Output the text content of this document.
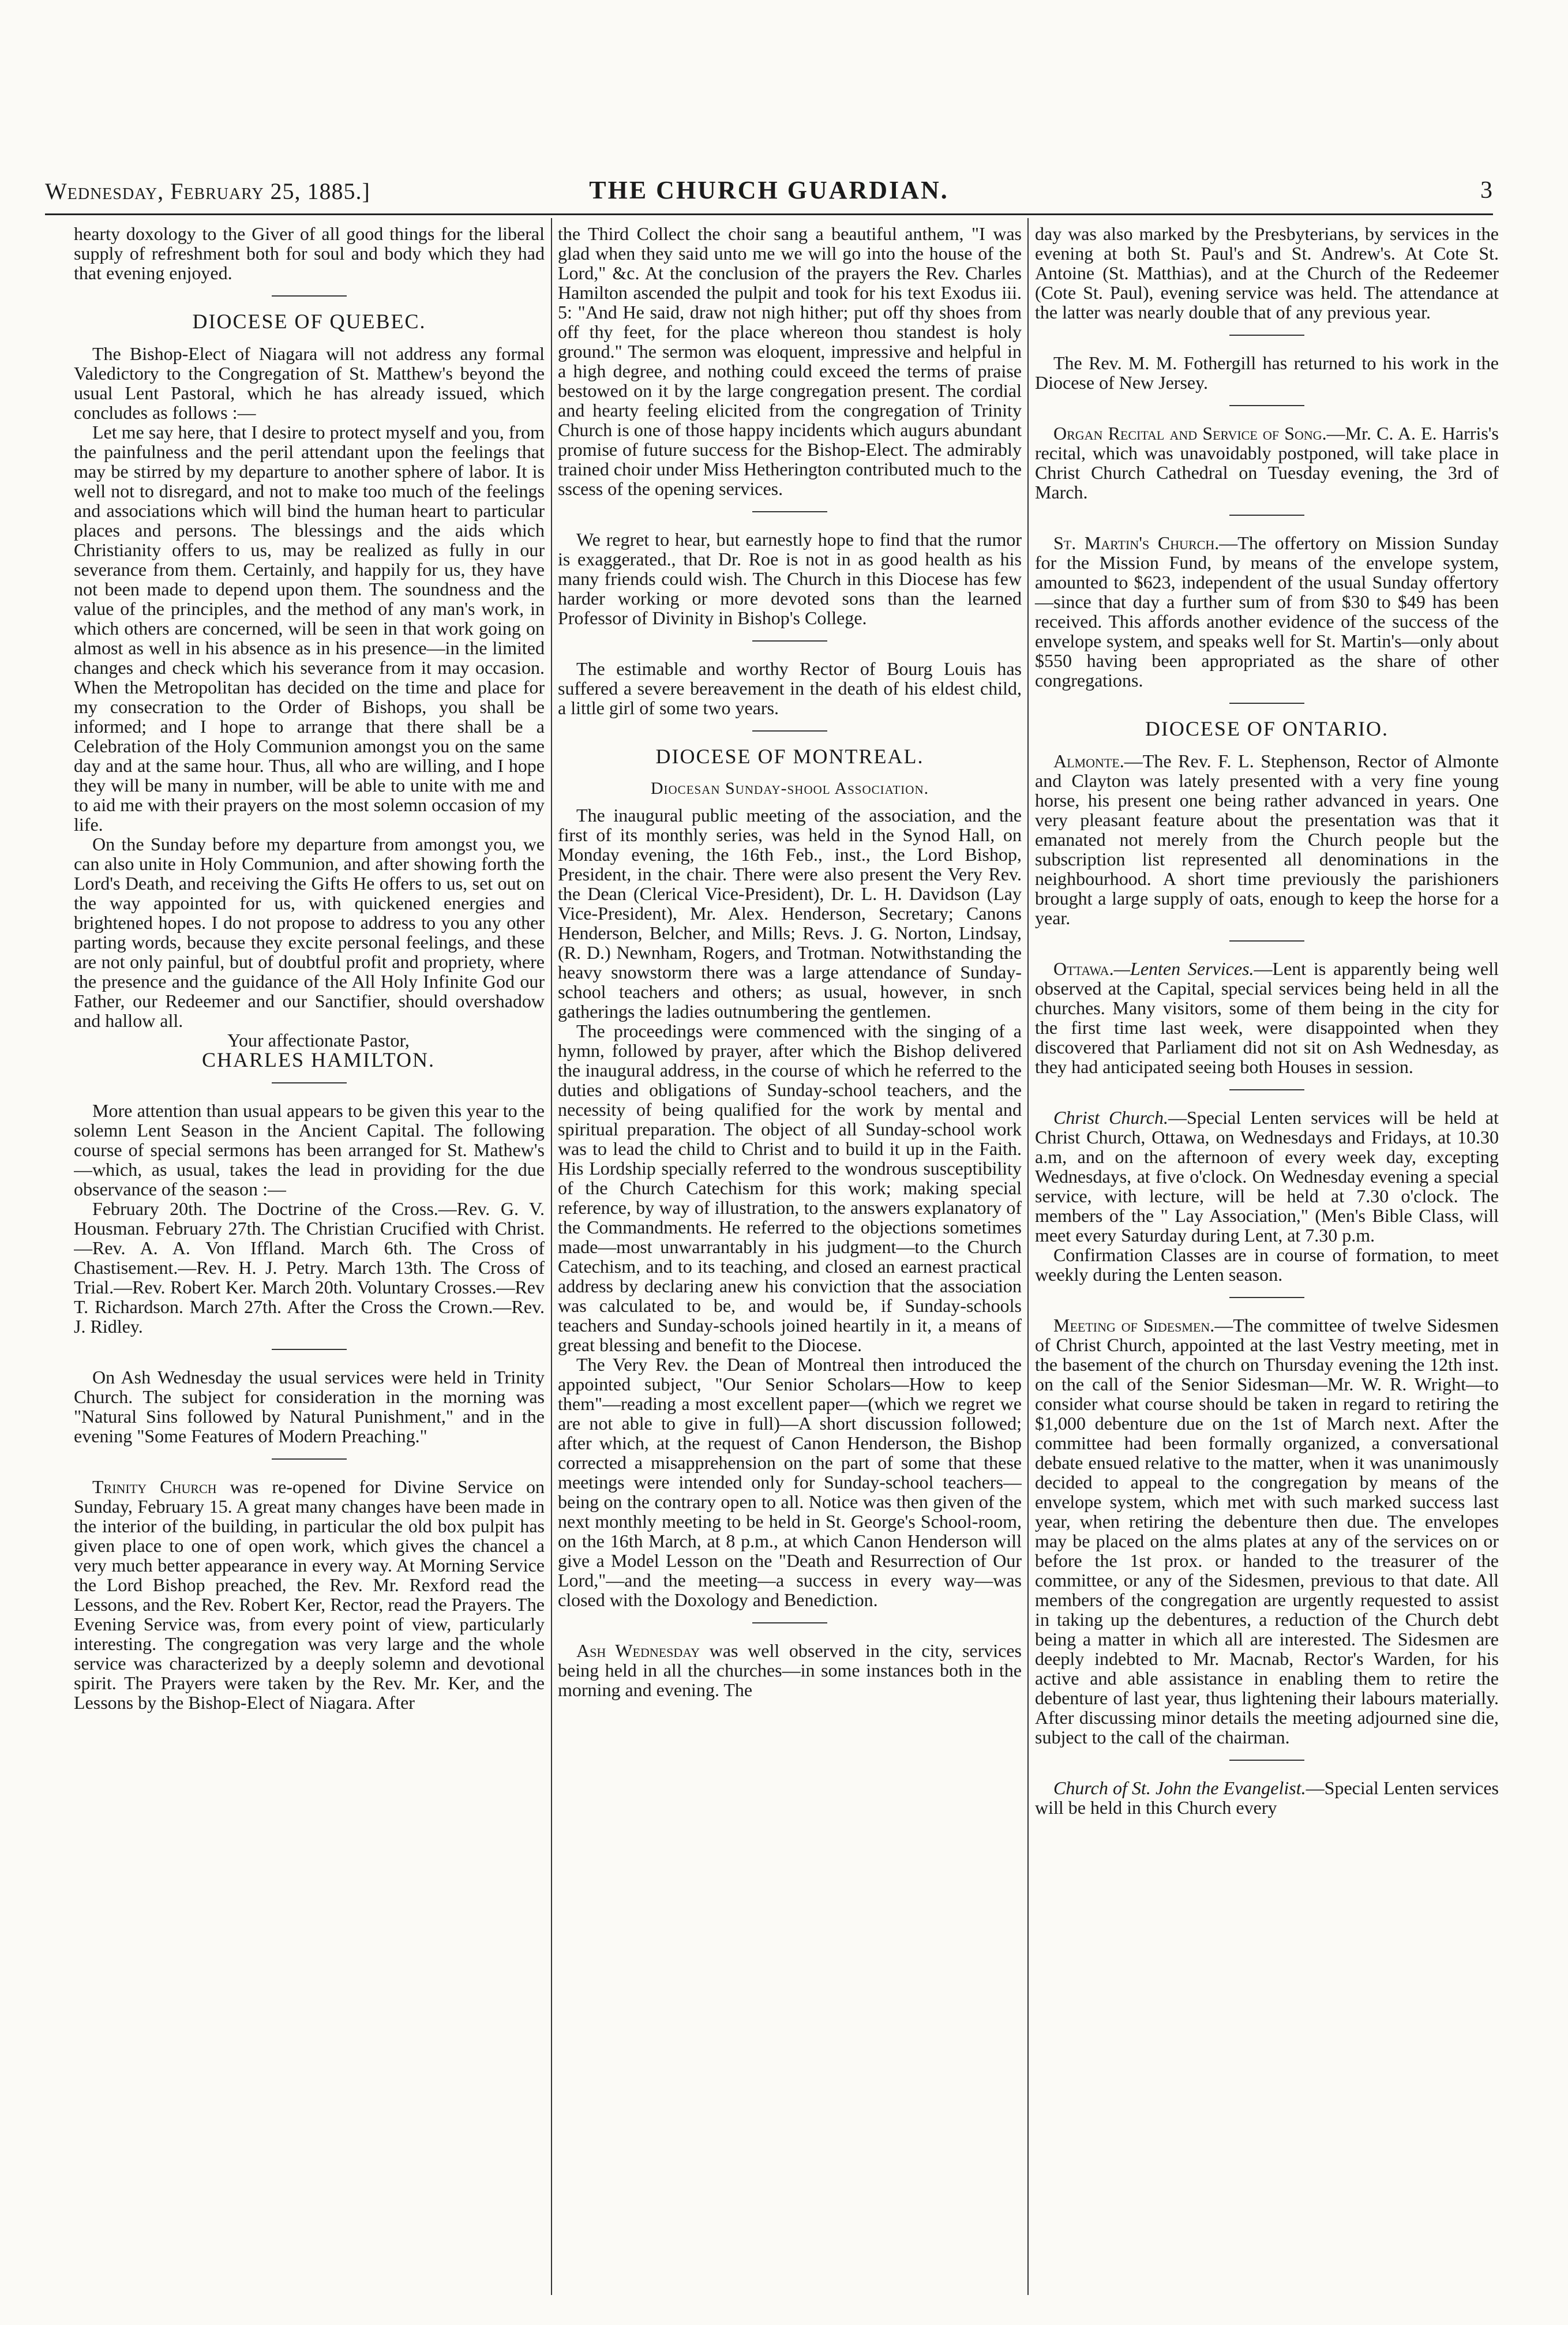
Wednesday, February 25, 1885.]	THE CHURCH GUARDIAN.	3

hearty doxology to the Giver of all good things for the liberal supply of refreshment both for soul and body which they had that evening enjoyed.

DIOCESE OF QUEBEC.

The Bishop-Elect of Niagara will not address any formal Valedictory to the Congregation of St. Matthew's beyond the usual Lent Pastoral, which he has already issued, which concludes as follows :—

Let me say here, that I desire to protect myself and you, from the painfulness and the peril attendant upon the feelings that may be stirred by my departure to another sphere of labor. It is well not to disregard, and not to make too much of the feelings and associations which will bind the human heart to particular places and persons. The blessings and the aids which Christianity offers to us, may be realized as fully in our severance from them. Certainly, and happily for us, they have not been made to depend upon them. The soundness and the value of the principles, and the method of any man's work, in which others are concerned, will be seen in that work going on almost as well in his absence as in his presence—in the limited changes and check which his severance from it may occasion. When the Metropolitan has decided on the time and place for my consecration to the Order of Bishops, you shall be informed; and I hope to arrange that there shall be a Celebration of the Holy Communion amongst you on the same day and at the same hour. Thus, all who are willing, and I hope they will be many in number, will be able to unite with me and to aid me with their prayers on the most solemn occasion of my life.

On the Sunday before my departure from amongst you, we can also unite in Holy Communion, and after showing forth the Lord's Death, and receiving the Gifts He offers to us, set out on the way appointed for us, with quickened energies and brightened hopes. I do not propose to address to you any other parting words, because they excite personal feelings, and these are not only painful, but of doubtful profit and propriety, where the presence and the guidance of the All Holy Infinite God our Father, our Redeemer and our Sanctifier, should overshadow and hallow all.

Your affectionate Pastor,

CHARLES HAMILTON.

More attention than usual appears to be given this year to the solemn Lent Season in the Ancient Capital. The following course of special sermons has been arranged for St. Mathew's—which, as usual, takes the lead in providing for the due observance of the season :—

February 20th. The Doctrine of the Cross.—Rev. G. V. Housman. February 27th. The Christian Crucified with Christ.—Rev. A. A. Von Iffland. March 6th. The Cross of Chastisement.—Rev. H. J. Petry. March 13th. The Cross of Trial.—Rev. Robert Ker. March 20th. Voluntary Crosses.—Rev T. Richardson. March 27th. After the Cross the Crown.—Rev. J. Ridley.

On Ash Wednesday the usual services were held in Trinity Church. The subject for consideration in the morning was "Natural Sins followed by Natural Punishment," and in the evening "Some Features of Modern Preaching."

Trinity Church was re-opened for Divine Service on Sunday, February 15. A great many changes have been made in the interior of the building, in particular the old box pulpit has given place to one of open work, which gives the chancel a very much better appearance in every way. At Morning Service the Lord Bishop preached, the Rev. Mr. Rexford read the Lessons, and the Rev. Robert Ker, Rector, read the Prayers. The Evening Service was, from every point of view, particularly interesting. The congregation was very large and the whole service was characterized by a deeply solemn and devotional spirit. The Prayers were taken by the Rev. Mr. Ker, and the Lessons by the Bishop-Elect of Niagara. After

the Third Collect the choir sang a beautiful anthem, "I was glad when they said unto me we will go into the house of the Lord," &c. At the conclusion of the prayers the Rev. Charles Hamilton ascended the pulpit and took for his text Exodus iii. 5: "And He said, draw not nigh hither; put off thy shoes from off thy feet, for the place whereon thou standest is holy ground." The sermon was eloquent, impressive and helpful in a high degree, and nothing could exceed the terms of praise bestowed on it by the large congregation present. The cordial and hearty feeling elicited from the congregation of Trinity Church is one of those happy incidents which augurs abundant promise of future success for the Bishop-Elect. The admirably trained choir under Miss Hetherington contributed much to the sscess of the opening services.

We regret to hear, but earnestly hope to find that the rumor is exaggerated., that Dr. Roe is not in as good health as his many friends could wish. The Church in this Diocese has few harder working or more devoted sons than the learned Professor of Divinity in Bishop's College.

The estimable and worthy Rector of Bourg Louis has suffered a severe bereavement in the death of his eldest child, a little girl of some two years.

DIOCESE OF MONTREAL.
Diocesan Sunday-shool Association.

The inaugural public meeting of the association, and the first of its monthly series, was held in the Synod Hall, on Monday evening, the 16th Feb., inst., the Lord Bishop, President, in the chair. There were also present the Very Rev. the Dean (Clerical Vice-President), Dr. L. H. Davidson (Lay Vice-President), Mr. Alex. Henderson, Secretary; Canons Henderson, Belcher, and Mills; Revs. J. G. Norton, Lindsay, (R. D.) Newnham, Rogers, and Trotman. Notwithstanding the heavy snowstorm there was a large attendance of Sunday-school teachers and others; as usual, however, in snch gatherings the ladies outnumbering the gentlemen.

The proceedings were commenced with the singing of a hymn, followed by prayer, after which the Bishop delivered the inaugural address, in the course of which he referred to the duties and obligations of Sunday-school teachers, and the necessity of being qualified for the work by mental and spiritual preparation. The object of all Sunday-school work was to lead the child to Christ and to build it up in the Faith. His Lordship specially referred to the wondrous susceptibility of the Church Catechism for this work; making special reference, by way of illustration, to the answers explanatory of the Commandments. He referred to the objections sometimes made—most unwarrantably in his judgment—to the Church Catechism, and to its teaching, and closed an earnest practical address by declaring anew his conviction that the association was calculated to be, and would be, if Sunday-schools teachers and Sunday-schools joined heartily in it, a means of great blessing and benefit to the Diocese.

The Very Rev. the Dean of Montreal then introduced the appointed subject, "Our Senior Scholars—How to keep them"—reading a most excellent paper—(which we regret we are not able to give in full)—A short discussion followed; after which, at the request of Canon Henderson, the Bishop corrected a misapprehension on the part of some that these meetings were intended only for Sunday-school teachers—being on the contrary open to all. Notice was then given of the next monthly meeting to be held in St. George's School-room, on the 16th March, at 8 p.m., at which Canon Henderson will give a Model Lesson on the "Death and Resurrection of Our Lord,"—and the meeting—a success in every way—was closed with the Doxology and Benediction.

Ash Wednesday was well observed in the city, services being held in all the churches—in some instances both in the morning and evening. The

day was also marked by the Presbyterians, by services in the evening at both St. Paul's and St. Andrew's. At Cote St. Antoine (St. Matthias), and at the Church of the Redeemer (Cote St. Paul), evening service was held. The attendance at the latter was nearly double that of any previous year.

The Rev. M. M. Fothergill has returned to his work in the Diocese of New Jersey.

Organ Recital and Service of Song.—Mr. C. A. E. Harris's recital, which was unavoidably postponed, will take place in Christ Church Cathedral on Tuesday evening, the 3rd of March.

St. Martin's Church.—The offertory on Mission Sunday for the Mission Fund, by means of the envelope system, amounted to $623, independent of the usual Sunday offertory—since that day a further sum of from $30 to $49 has been received. This affords another evidence of the success of the envelope system, and speaks well for St. Martin's—only about $550 having been appropriated as the share of other congregations.

DIOCESE OF ONTARIO.

Almonte.—The Rev. F. L. Stephenson, Rector of Almonte and Clayton was lately presented with a very fine young horse, his present one being rather advanced in years. One very pleasant feature about the presentation was that it emanated not merely from the Church people but the subscription list represented all denominations in the neighbourhood. A short time previously the parishioners brought a large supply of oats, enough to keep the horse for a year.

Ottawa.—Lenten Services.—Lent is apparently being well observed at the Capital, special services being held in all the churches. Many visitors, some of them being in the city for the first time last week, were disappointed when they discovered that Parliament did not sit on Ash Wednesday, as they had anticipated seeing both Houses in session.

Christ Church.—Special Lenten services will be held at Christ Church, Ottawa, on Wednesdays and Fridays, at 10.30 a.m, and on the afternoon of every week day, excepting Wednesdays, at five o'clock. On Wednesday evening a special service, with lecture, will be held at 7.30 o'clock. The members of the " Lay Association," (Men's Bible Class, will meet every Saturday during Lent, at 7.30 p.m.

Confirmation Classes are in course of formation, to meet weekly during the Lenten season.

Meeting of Sidesmen.—The committee of twelve Sidesmen of Christ Church, appointed at the last Vestry meeting, met in the basement of the church on Thursday evening the 12th inst. on the call of the Senior Sidesman—Mr. W. R. Wright—to consider what course should be taken in regard to retiring the $1,000 debenture due on the 1st of March next. After the committee had been formally organized, a conversational debate ensued relative to the matter, when it was unanimously decided to appeal to the congregation by means of the envelope system, which met with such marked success last year, when retiring the debenture then due. The envelopes may be placed on the alms plates at any of the services on or before the 1st prox. or handed to the treasurer of the committee, or any of the Sidesmen, previous to that date. All members of the congregation are urgently requested to assist in taking up the debentures, a reduction of the Church debt being a matter in which all are interested. The Sidesmen are deeply indebted to Mr. Macnab, Rector's Warden, for his active and able assistance in enabling them to retire the debenture of last year, thus lightening their labours materially. After discussing minor details the meeting adjourned sine die, subject to the call of the chairman.

Church of St. John the Evangelist.—Special Lenten services will be held in this Church every
